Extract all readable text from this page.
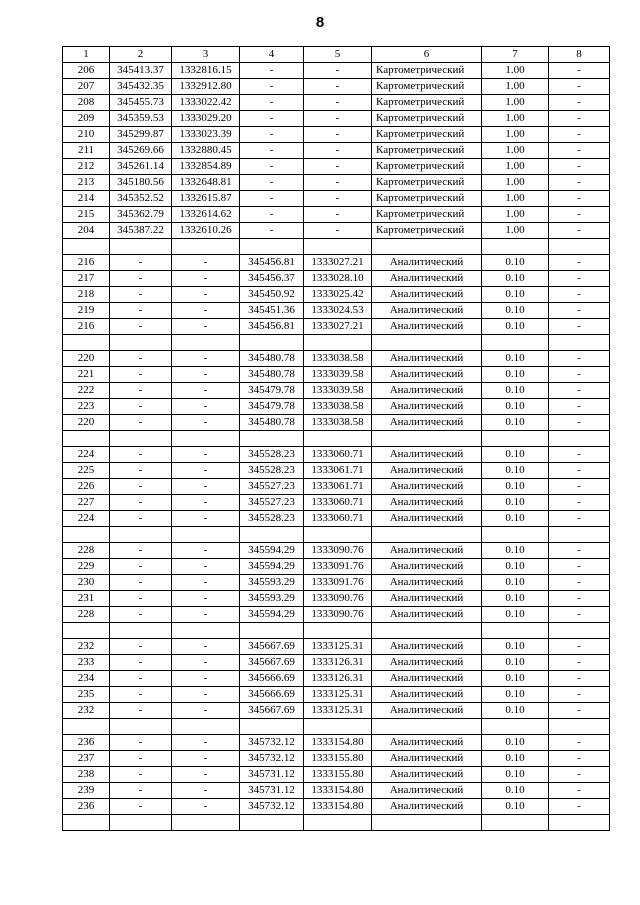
8
1	2	3	4	5	6	7	8
206	345413.37	1332816.15	-	-	Картометрический	1.00	-
207	345432.35	1332912.80	-	-	Картометрический	1.00	-
208	345455.73	1333022.42	-	-	Картометрический	1.00	-
209	345359.53	1333029.20	-	-	Картометрический	1.00	-
210	345299.87	1333023.39	-	-	Картометрический	1.00	-
211	345269.66	1332880.45	-	-	Картометрический	1.00	-
212	345261.14	1332854.89	-	-	Картометрический	1.00	-
213	345180.56	1332648.81	-	-	Картометрический	1.00	-
214	345352.52	1332615.87	-	-	Картометрический	1.00	-
215	345362.79	1332614.62	-	-	Картометрический	1.00	-
204	345387.22	1332610.26	-	-	Картометрический	1.00	-

216	-	-	345456.81	1333027.21	Аналитический	0.10	-
217	-	-	345456.37	1333028.10	Аналитический	0.10	-
218	-	-	345450.92	1333025.42	Аналитический	0.10	-
219	-	-	345451.36	1333024.53	Аналитический	0.10	-
216	-	-	345456.81	1333027.21	Аналитический	0.10	-

220	-	-	345480.78	1333038.58	Аналитический	0.10	-
221	-	-	345480.78	1333039.58	Аналитический	0.10	-
222	-	-	345479.78	1333039.58	Аналитический	0.10	-
223	-	-	345479.78	1333038.58	Аналитический	0.10	-
220	-	-	345480.78	1333038.58	Аналитический	0.10	-

224	-	-	345528.23	1333060.71	Аналитический	0.10	-
225	-	-	345528.23	1333061.71	Аналитический	0.10	-
226	-	-	345527.23	1333061.71	Аналитический	0.10	-
227	-	-	345527.23	1333060.71	Аналитический	0.10	-
224	-	-	345528.23	1333060.71	Аналитический	0.10	-

228	-	-	345594.29	1333090.76	Аналитический	0.10	-
229	-	-	345594.29	1333091.76	Аналитический	0.10	-
230	-	-	345593.29	1333091.76	Аналитический	0.10	-
231	-	-	345593.29	1333090.76	Аналитический	0.10	-
228	-	-	345594.29	1333090.76	Аналитический	0.10	-

232	-	-	345667.69	1333125.31	Аналитический	0.10	-
233	-	-	345667.69	1333126.31	Аналитический	0.10	-
234	-	-	345666.69	1333126.31	Аналитический	0.10	-
235	-	-	345666.69	1333125.31	Аналитический	0.10	-
232	-	-	345667.69	1333125.31	Аналитический	0.10	-

236	-	-	345732.12	1333154.80	Аналитический	0.10	-
237	-	-	345732.12	1333155.80	Аналитический	0.10	-
238	-	-	345731.12	1333155.80	Аналитический	0.10	-
239	-	-	345731.12	1333154.80	Аналитический	0.10	-
236	-	-	345732.12	1333154.80	Аналитический	0.10	-
